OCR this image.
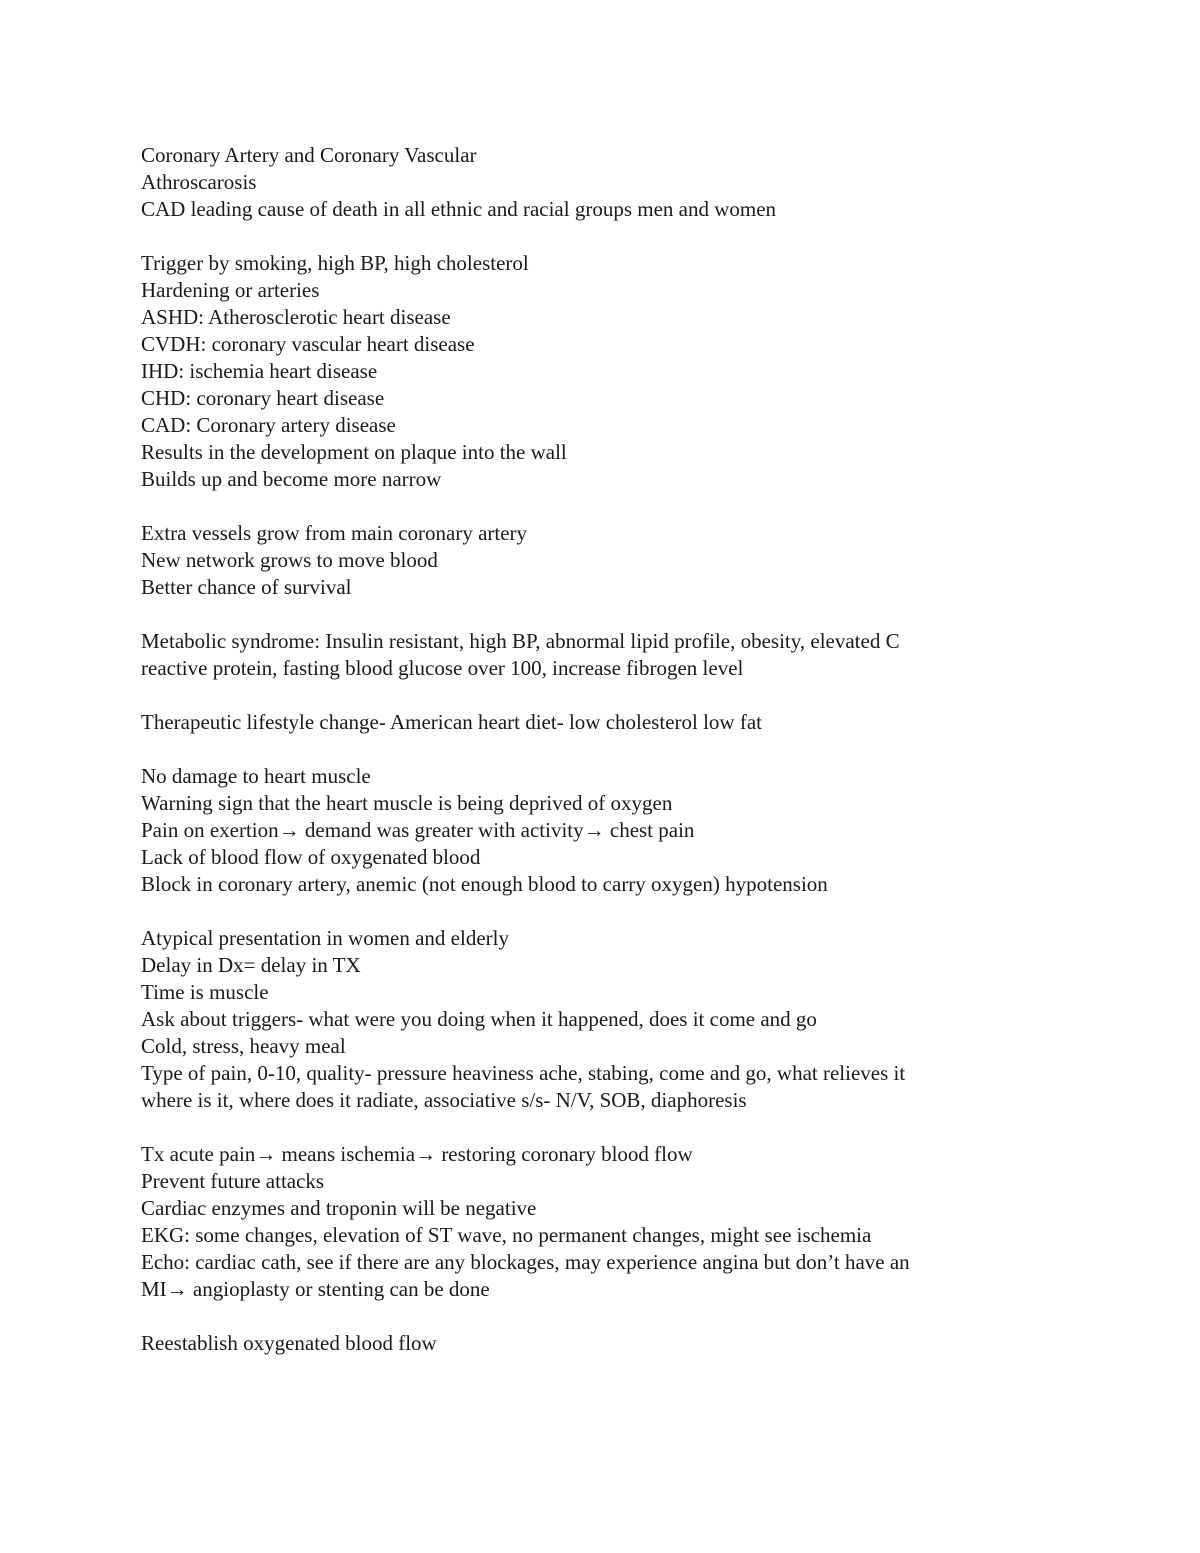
Coronary Artery and Coronary Vascular
Athroscarosis
CAD leading cause of death in all ethnic and racial groups men and women
Trigger by smoking, high BP, high cholesterol
Hardening or arteries
ASHD: Atherosclerotic heart disease
CVDH: coronary vascular heart disease
IHD: ischemia heart disease
CHD: coronary heart disease
CAD: Coronary artery disease
Results in the development on plaque into the wall
Builds up and become more narrow
Extra vessels grow from main coronary artery
New network grows to move blood
Better chance of survival
Metabolic syndrome: Insulin resistant, high BP, abnormal lipid profile, obesity, elevated C
reactive protein, fasting blood glucose over 100, increase fibrogen level
Therapeutic lifestyle change- American heart diet- low cholesterol low fat
No damage to heart muscle
Warning sign that the heart muscle is being deprived of oxygen
Pain on exertion→ demand was greater with activity→ chest pain
Lack of blood flow of oxygenated blood
Block in coronary artery, anemic (not enough blood to carry oxygen) hypotension
Atypical presentation in women and elderly
Delay in Dx= delay in TX
Time is muscle
Ask about triggers- what were you doing when it happened, does it come and go
Cold, stress, heavy meal
Type of pain, 0-10, quality- pressure heaviness ache, stabing, come and go, what relieves it
where is it, where does it radiate, associative s/s- N/V, SOB, diaphoresis
Tx acute pain→ means ischemia→ restoring coronary blood flow
Prevent future attacks
Cardiac enzymes and troponin will be negative
EKG: some changes, elevation of ST wave, no permanent changes, might see ischemia
Echo: cardiac cath, see if there are any blockages, may experience angina but don’t have an
MI→ angioplasty or stenting can be done
Reestablish oxygenated blood flow
